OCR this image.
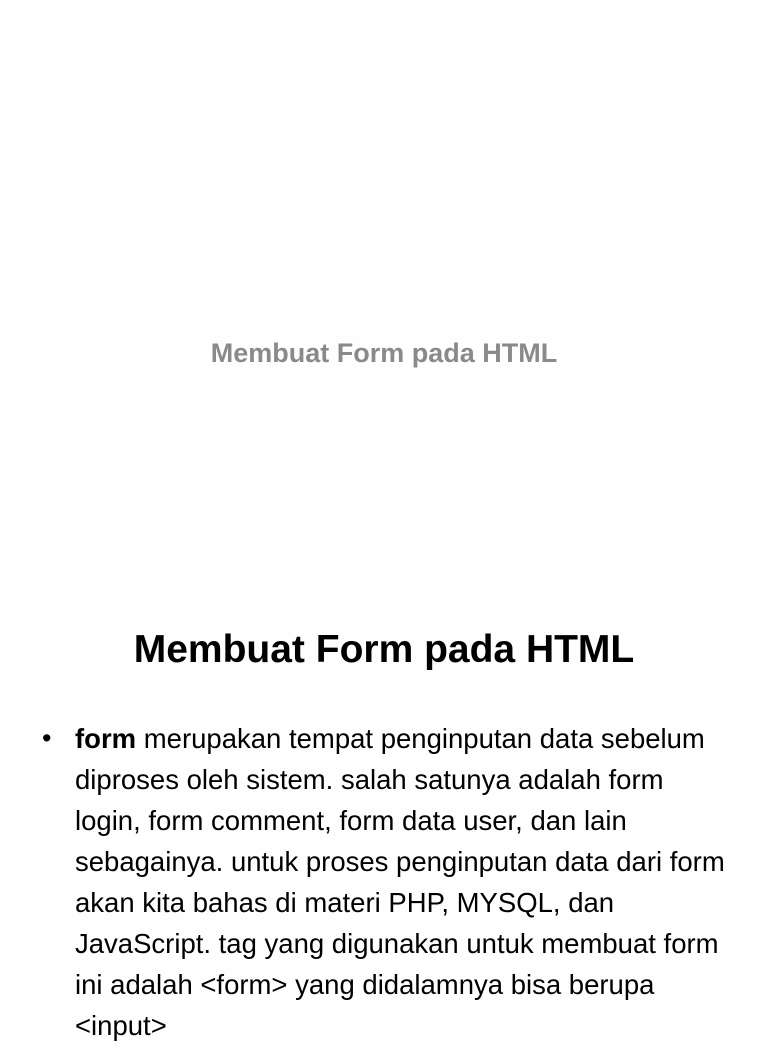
Membuat Form pada HTML
Membuat Form pada HTML
• form merupakan tempat penginputan data sebelum diproses oleh sistem. salah satunya adalah form login, form comment, form data user, dan lain sebagainya. untuk proses penginputan data dari form akan kita bahas di materi PHP, MYSQL, dan JavaScript. tag yang digunakan untuk membuat form ini adalah <form> yang didalamnya bisa berupa <input>
